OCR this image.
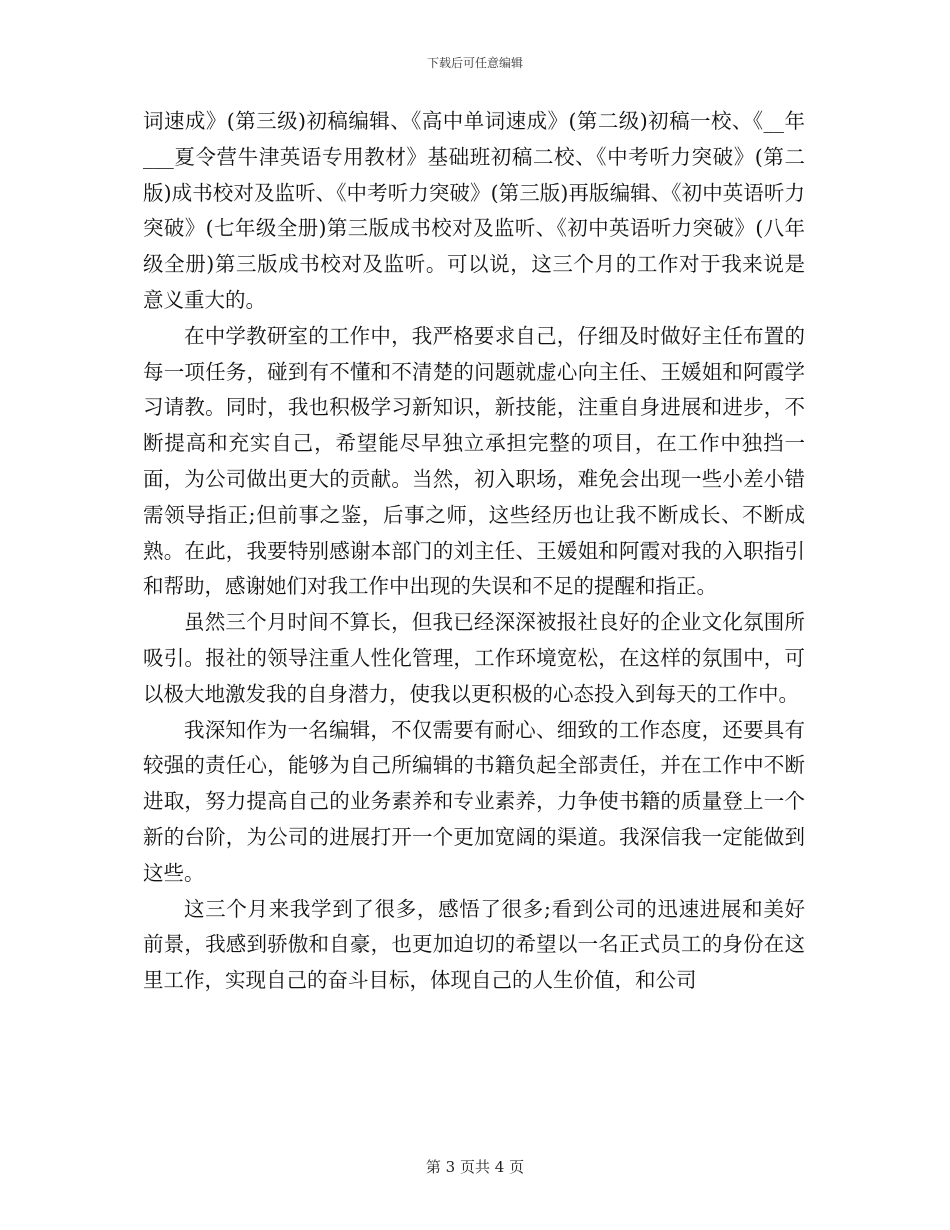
下载后可任意编辑

词速成》(第三级)初稿编辑、《高中单词速成》(第二级)初稿一校、《__年___夏令营牛津英语专用教材》基础班初稿二校、《中考听力突破》(第二版)成书校对及监听、《中考听力突破》(第三版)再版编辑、《初中英语听力突破》(七年级全册)第三版成书校对及监听、《初中英语听力突破》(八年级全册)第三版成书校对及监听。可以说，这三个月的工作对于我来说是意义重大的。

在中学教研室的工作中，我严格要求自己，仔细及时做好主任布置的每一项任务，碰到有不懂和不清楚的问题就虚心向主任、王媛姐和阿霞学习请教。同时，我也积极学习新知识，新技能，注重自身进展和进步，不断提高和充实自己，希望能尽早独立承担完整的项目，在工作中独挡一面，为公司做出更大的贡献。当然，初入职场，难免会出现一些小差小错需领导指正;但前事之鉴，后事之师，这些经历也让我不断成长、不断成熟。在此，我要特别感谢本部门的刘主任、王媛姐和阿霞对我的入职指引和帮助，感谢她们对我工作中出现的失误和不足的提醒和指正。

虽然三个月时间不算长，但我已经深深被报社良好的企业文化氛围所吸引。报社的领导注重人性化管理，工作环境宽松，在这样的氛围中，可以极大地激发我的自身潜力，使我以更积极的心态投入到每天的工作中。

我深知作为一名编辑，不仅需要有耐心、细致的工作态度，还要具有较强的责任心，能够为自己所编辑的书籍负起全部责任，并在工作中不断进取，努力提高自己的业务素养和专业素养，力争使书籍的质量登上一个新的台阶，为公司的进展打开一个更加宽阔的渠道。我深信我一定能做到这些。

这三个月来我学到了很多，感悟了很多;看到公司的迅速进展和美好前景，我感到骄傲和自豪，也更加迫切的希望以一名正式员工的身份在这里工作，实现自己的奋斗目标，体现自己的人生价值，和公司

第 3 页共 4 页
